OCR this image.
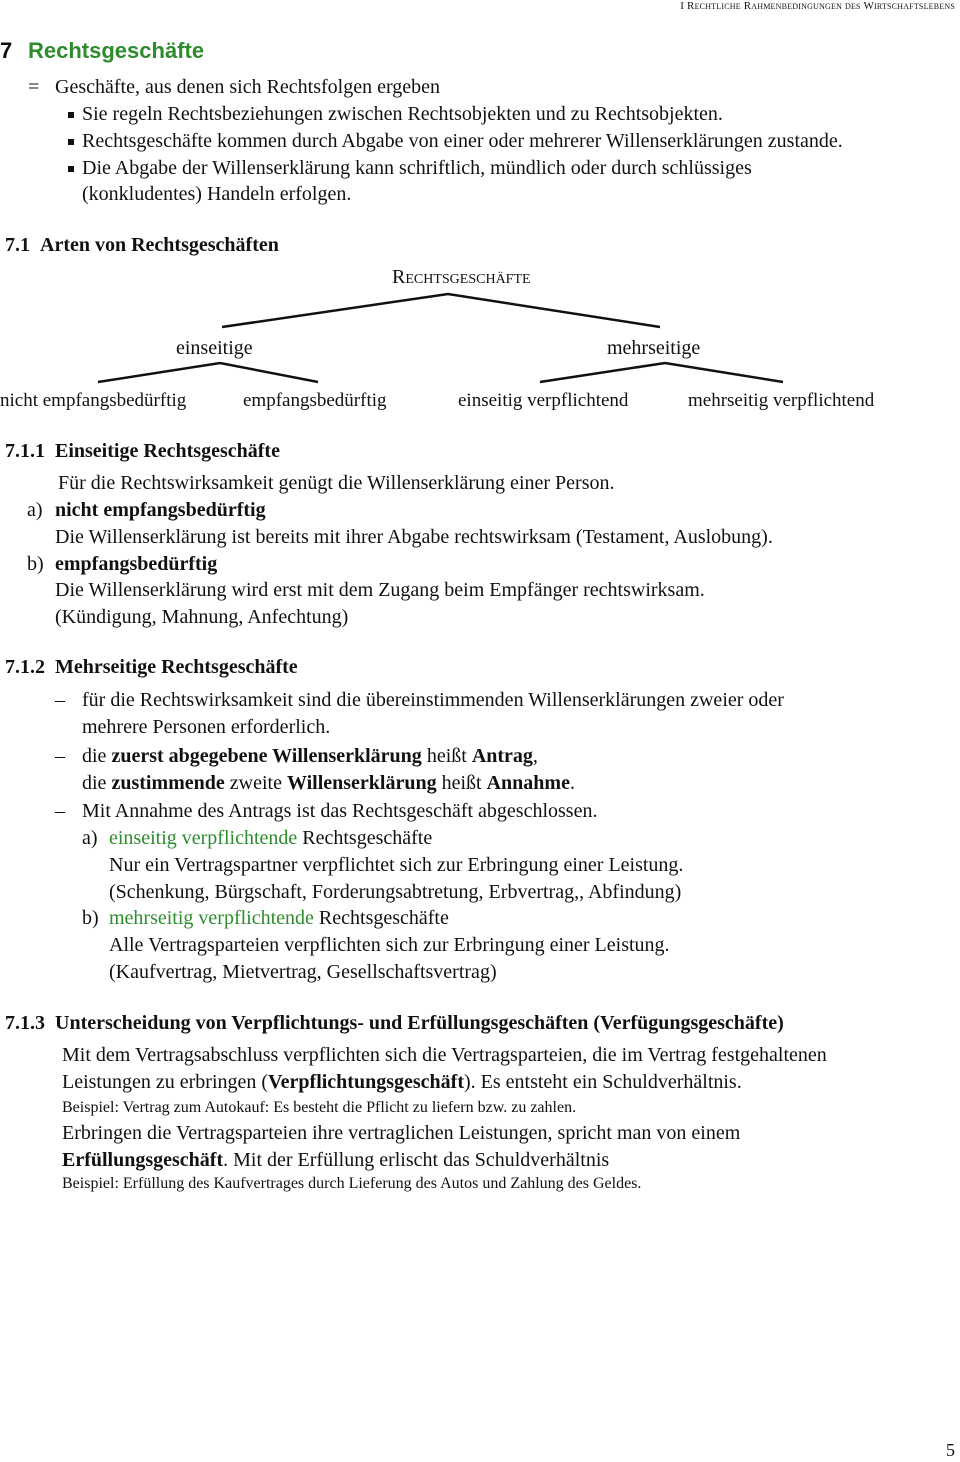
I Rechtliche Rahmenbedingungen des Wirtschaftslebens
7 Rechtsgeschäfte
= Geschäfte, aus denen sich Rechtsfolgen ergeben
Sie regeln Rechtsbeziehungen zwischen Rechtsobjekten und zu Rechtsobjekten.
Rechtsgeschäfte kommen durch Abgabe von einer oder mehrerer Willenserklärungen zustande.
Die Abgabe der Willenserklärung kann schriftlich, mündlich oder durch schlüssiges
(konkludentes) Handeln erfolgen.
7.1 Arten von Rechtsgeschäften
Rechtsgeschäfte
einseitige	mehrseitige
nicht empfangsbedürftig	empfangsbedürftig	einseitig verpflichtend	mehrseitig verpflichtend
7.1.1 Einseitige Rechtsgeschäfte
Für die Rechtswirksamkeit genügt die Willenserklärung einer Person.
a) nicht empfangsbedürftig
Die Willenserklärung ist bereits mit ihrer Abgabe rechtswirksam (Testament, Auslobung).
b) empfangsbedürftig
Die Willenserklärung wird erst mit dem Zugang beim Empfänger rechtswirksam.
(Kündigung, Mahnung, Anfechtung)
7.1.2 Mehrseitige Rechtsgeschäfte
– für die Rechtswirksamkeit sind die übereinstimmenden Willenserklärungen zweier oder
mehrere Personen erforderlich.
– die zuerst abgegebene Willenserklärung heißt Antrag,
die zustimmende zweite Willenserklärung heißt Annahme.
– Mit Annahme des Antrags ist das Rechtsgeschäft abgeschlossen.
a) einseitig verpflichtende Rechtsgeschäfte
Nur ein Vertragspartner verpflichtet sich zur Erbringung einer Leistung.
(Schenkung, Bürgschaft, Forderungsabtretung, Erbvertrag,, Abfindung)
b) mehrseitig verpflichtende Rechtsgeschäfte
Alle Vertragsparteien verpflichten sich zur Erbringung einer Leistung.
(Kaufvertrag, Mietvertrag, Gesellschaftsvertrag)
7.1.3 Unterscheidung von Verpflichtungs- und Erfüllungsgeschäften (Verfügungsgeschäfte)
Mit dem Vertragsabschluss verpflichten sich die Vertragsparteien, die im Vertrag festgehaltenen
Leistungen zu erbringen (Verpflichtungsgeschäft). Es entsteht ein Schuldverhältnis.
Beispiel: Vertrag zum Autokauf: Es besteht die Pflicht zu liefern bzw. zu zahlen.
Erbringen die Vertragsparteien ihre vertraglichen Leistungen, spricht man von einem
Erfüllungsgeschäft. Mit der Erfüllung erlischt das Schuldverhältnis
Beispiel: Erfüllung des Kaufvertrages durch Lieferung des Autos und Zahlung des Geldes.
5
